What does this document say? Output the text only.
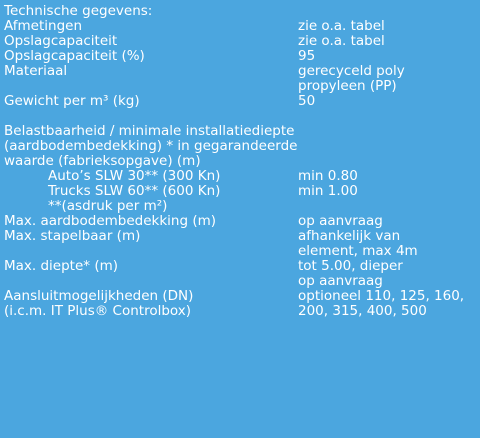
Technische gegevens:
Afmetingen	zie o.a. tabel
Opslagcapaciteit	zie o.a. tabel
Opslagcapaciteit (%)	95
Materiaal	gerecyceld poly
propyleen (PP)
Gewicht per m³ (kg)	50
Belastbaarheid / minimale installatiediepte
(aardbodembedekking) * in gegarandeerde
waarde (fabrieksopgave) (m)
Auto’s SLW 30** (300 Kn)	min 0.80
Trucks SLW 60** (600 Kn)	min 1.00
**(asdruk per m²)
Max. aardbodembedekking (m)	op aanvraag
Max. stapelbaar (m)	afhankelijk van
element, max 4m
Max. diepte* (m)	tot 5.00, dieper
op aanvraag
Aansluitmogelijkheden (DN)	optioneel 110, 125, 160,
(i.c.m. IT Plus® Controlbox)	200, 315, 400, 500
